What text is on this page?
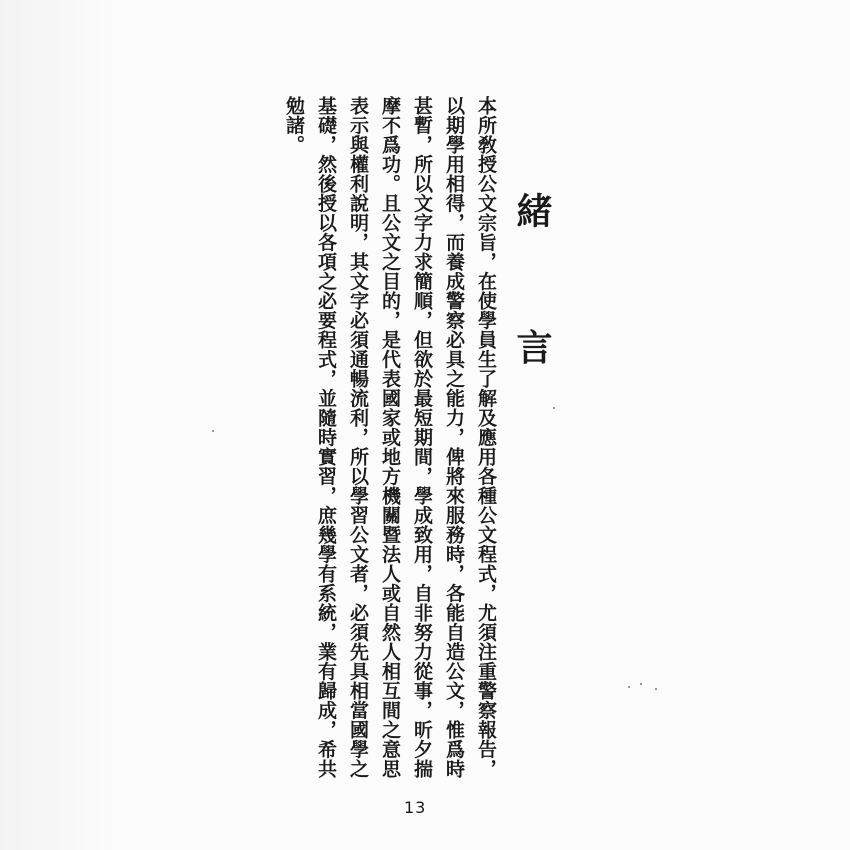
緒 言

本所敎授公文宗旨，在使學員生了解及應用各種公文程式，尤須注重警察報告，以期學用相得，而養成警察必具之能力，俾將來服務時，各能自造公文，惟爲時甚暫，所以文字力求簡順，但欲於最短期間，學成致用，自非努力從事，昕夕揣摩不爲功。且公文之目的，是代表國家或地方機關暨法人或自然人相互間之意思表示與權利說明，其文字必須通暢流利，所以學習公文者，必須先具相當國學之基礎，然後授以各項之必要程式，並隨時實習，庶幾學有系統，業有歸成，希共勉諸。

13
